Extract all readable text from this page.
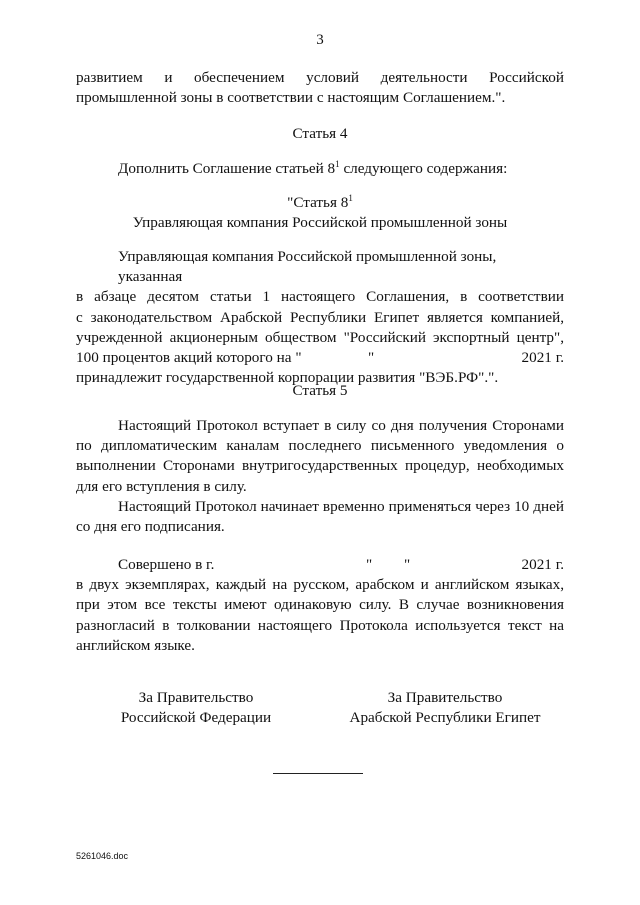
3
развитием и обеспечением условий деятельности Российской
промышленной зоны в соответствии с настоящим Соглашением.".

Статья 4

Дополнить Соглашение статьей $8^1$ следующего содержания:

"Статья $8^1$

Управляющая компания Российской промышленной зоны

Управляющая компания Российской промышленной зоны, указанная

в абзаце десятом статьи 1 настоящего Соглашения, в соответствии

с законодательством Арабской Республики Египет является компанией,

учрежденной акционерным обществом "Российский экспортный центр",

100 процентов акций которого на "	"	2021 г.

принадлежит государственной корпорации развития "ВЭБ.РФ".".

Статья 5

Настоящий Протокол вступает в силу со дня получения Сторонами по дипломатическим каналам последнего письменного уведомления о выполнении Сторонами внутригосударственных процедур, необходимых для его вступления в силу.

Настоящий Протокол начинает временно применяться через 10 дней со дня его подписания.

Совершено в г.	" "	2021 г.

в двух экземплярах, каждый на русском, арабском и английском языках, при этом все тексты имеют одинаковую силу. В случае возникновения разногласий в толковании настоящего Протокола используется текст на английском языке.

За Правительство
Российской Федерации
За Правительство
Арабской Республики Египет
5261046.doc
